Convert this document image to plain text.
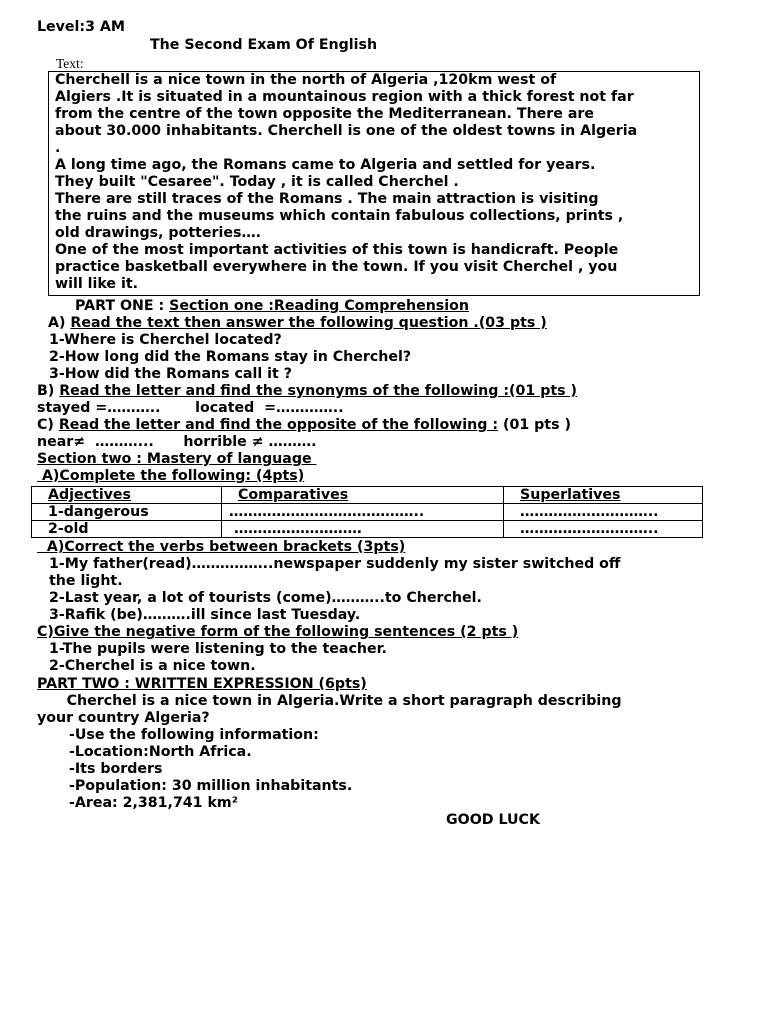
Level:3 AM
The Second Exam Of English
Text:
Cherchell is a nice town in the north of Algeria ,120km west of
Algiers .It is situated in a mountainous region with a thick forest not far
from the centre of the town opposite the Mediterranean. There are
about 30.000 inhabitants. Cherchell is one of the oldest towns in Algeria
.
A long time ago, the Romans came to Algeria and settled for years.
They built "Cesaree". Today , it is called Cherchel .
There are still traces of the Romans . The main attraction is visiting
the ruins and the museums which contain fabulous collections, prints ,
old drawings, potteries….
One of the most important activities of this town is handicraft. People
practice basketball everywhere in the town. If you visit Cherchel , you
will like it.
PART ONE : Section one :Reading Comprehension
A) Read the text then answer the following question .(03 pts )
1-Where is Cherchel located?
2-How long did the Romans stay in Cherchel?
3-How did the Romans call it ?
B) Read the letter and find the synonyms of the following :(01 pts )
stayed =………..       located  =…………..
C) Read the letter and find the opposite of the following : (01 pts )
near≠  ………...      horrible ≠ ……….
Section two : Mastery of language
A)Complete the following: (4pts)
Adjectives	Comparatives	Superlatives
1-dangerous	…………………………………..	………………………..
2-old	………………………	………………………..
A)Correct the verbs between brackets (3pts)
1-My father(read)……………..newspaper suddenly my sister switched off
the light.
2-Last year, a lot of tourists (come)………..to Cherchel.
3-Rafik (be)……….ill since last Tuesday.
C)Give the negative form of the following sentences (2 pts )
1-The pupils were listening to the teacher.
2-Cherchel is a nice town.
PART TWO : WRITTEN EXPRESSION (6pts)
Cherchel is a nice town in Algeria.Write a short paragraph describing
your country Algeria?
-Use the following information:
-Location:North Africa.
-Its borders
-Population: 30 million inhabitants.
-Area: 2,381,741 km²
GOOD LUCK
